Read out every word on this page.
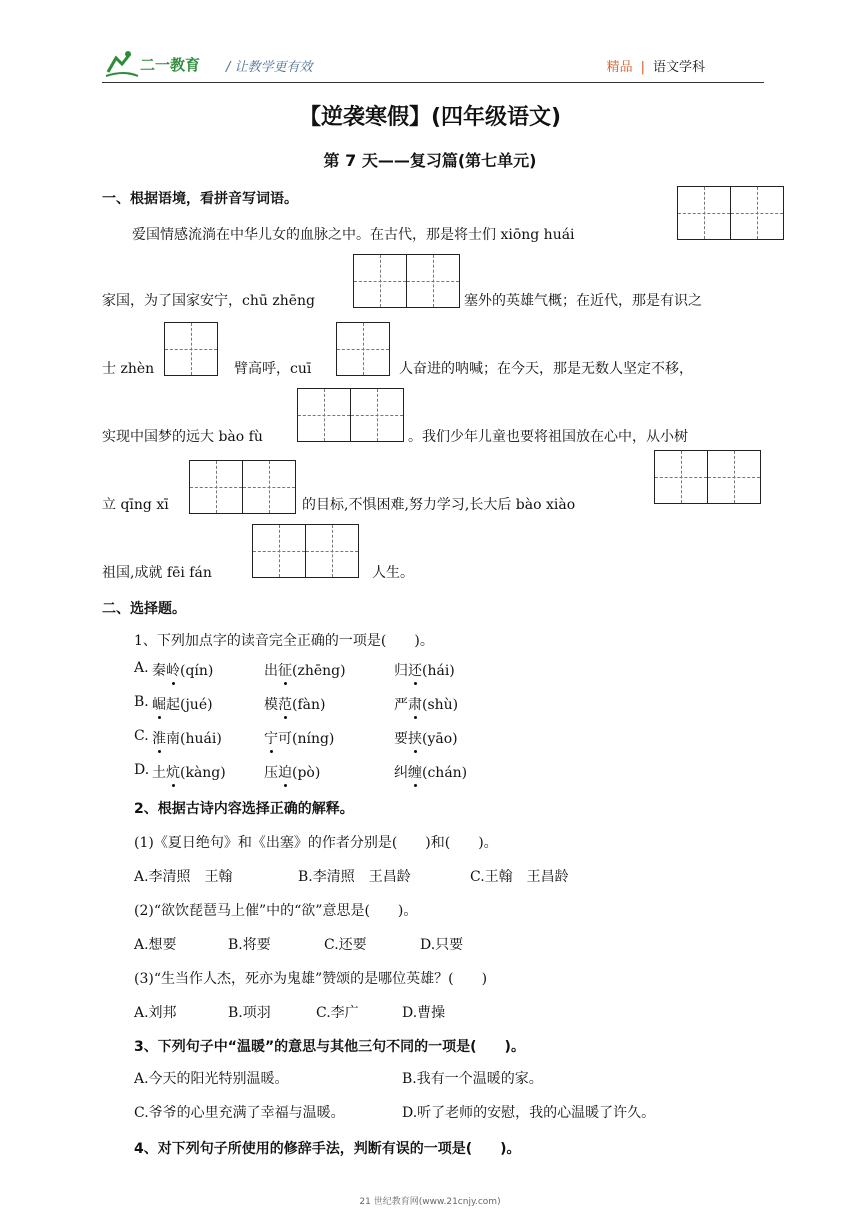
二一教育 / 让教学更有效	精品 | 语文学科
【逆袭寒假】(四年级语文)
第 7 天——复习篇(第七单元)
一、根据语境，看拼音写词语。
爱国情感流淌在中华儿女的血脉之中。在古代，那是将士们 xiōng huái
家国，为了国家安宁，chū zhēng	塞外的英雄气概；在近代，那是有识之
士 zhèn	臂高呼，cuī	人奋进的呐喊；在今天，那是无数人坚定不移，
实现中国梦的远大 bào fù	。我们少年儿童也要将祖国放在心中，从小树
立 qīng xī	的目标,不惧困难,努力学习,长大后 bào xiào
祖国,成就 fēi fán	人生。
二、选择题。
1、下列加点字的读音完全正确的一项是(　　)。
A. 秦岭(qín)	出征(zhēng)	归还(hái)
B. 崛起(jué)	模范(fàn)	严肃(shù)
C. 淮南(huái)	宁可(níng)	要挟(yāo)
D. 土炕(kàng)	压迫(pò)	纠缠(chán)
2、根据古诗内容选择正确的解释。
(1)《夏日绝句》和《出塞》的作者分别是(　　)和(　　)。
A.李清照　王翰	B.李清照　王昌龄	C.王翰　王昌龄
(2)“欲饮琵琶马上催”中的“欲”意思是(　　)。
A.想要	B.将要	C.还要	D.只要
(3)“生当作人杰，死亦为鬼雄”赞颂的是哪位英雄？(　　)
A.刘邦	B.项羽	C.李广	D.曹操
3、下列句子中“温暖”的意思与其他三句不同的一项是(　　)。
A.今天的阳光特别温暖。	B.我有一个温暖的家。
C.爷爷的心里充满了幸福与温暖。	D.听了老师的安慰，我的心温暖了许久。
4、对下列句子所使用的修辞手法，判断有误的一项是(　　)。
21 世纪教育网(www.21cnjy.com)
